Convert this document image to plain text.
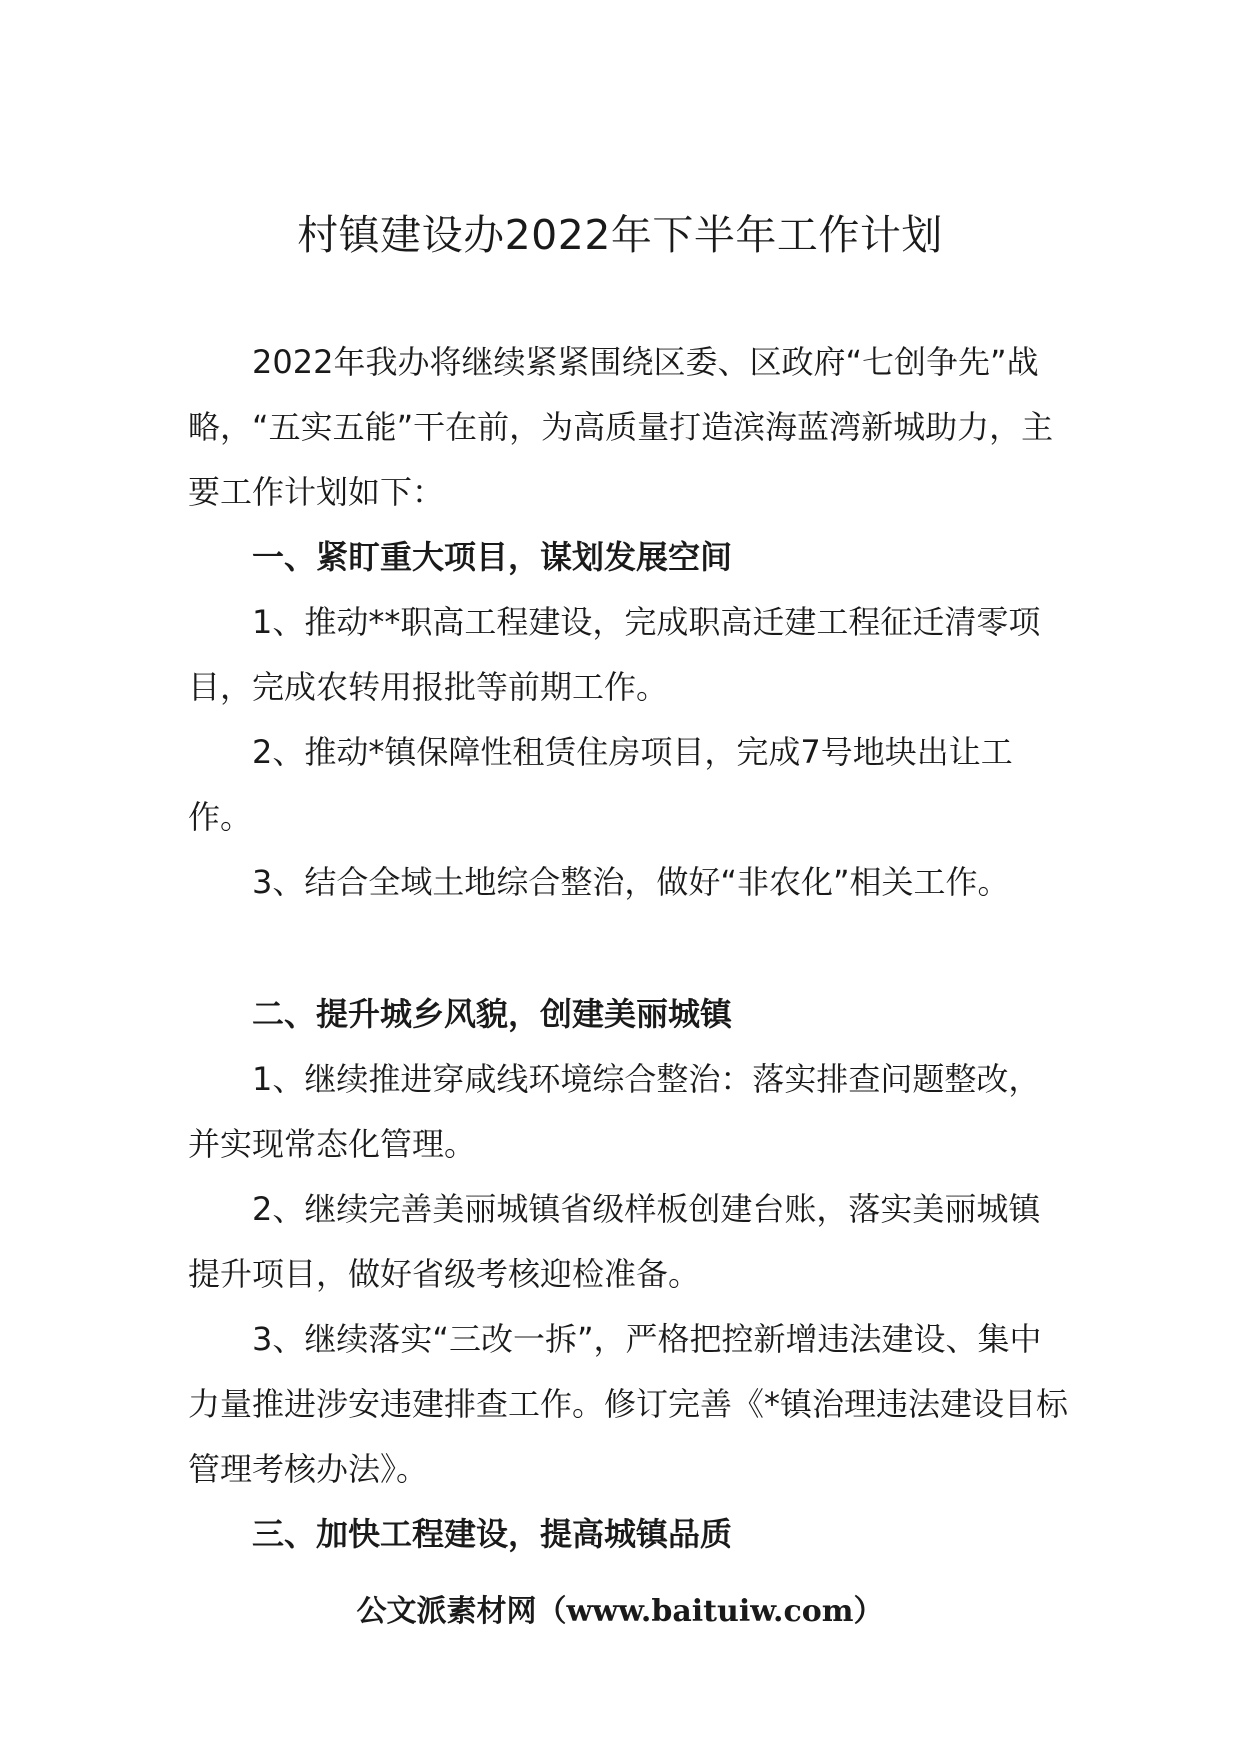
村镇建设办2022年下半年工作计划

2022年我办将继续紧紧围绕区委、区政府“七创争先”战略，“五实五能”干在前，为高质量打造滨海蓝湾新城助力，主要工作计划如下：

一、紧盯重大项目，谋划发展空间

1、推动**职高工程建设，完成职高迁建工程征迁清零项目，完成农转用报批等前期工作。

2、推动*镇保障性租赁住房项目，完成7号地块出让工作。

3、结合全域土地综合整治，做好“非农化”相关工作。

二、提升城乡风貌，创建美丽城镇

1、继续推进穿咸线环境综合整治：落实排查问题整改，并实现常态化管理。

2、继续完善美丽城镇省级样板创建台账，落实美丽城镇提升项目，做好省级考核迎检准备。

3、继续落实“三改一拆”，严格把控新增违法建设、集中力量推进涉安违建排查工作。修订完善《*镇治理违法建设目标管理考核办法》。

三、加快工程建设，提高城镇品质

公文派素材网（www.baituiw.com）
